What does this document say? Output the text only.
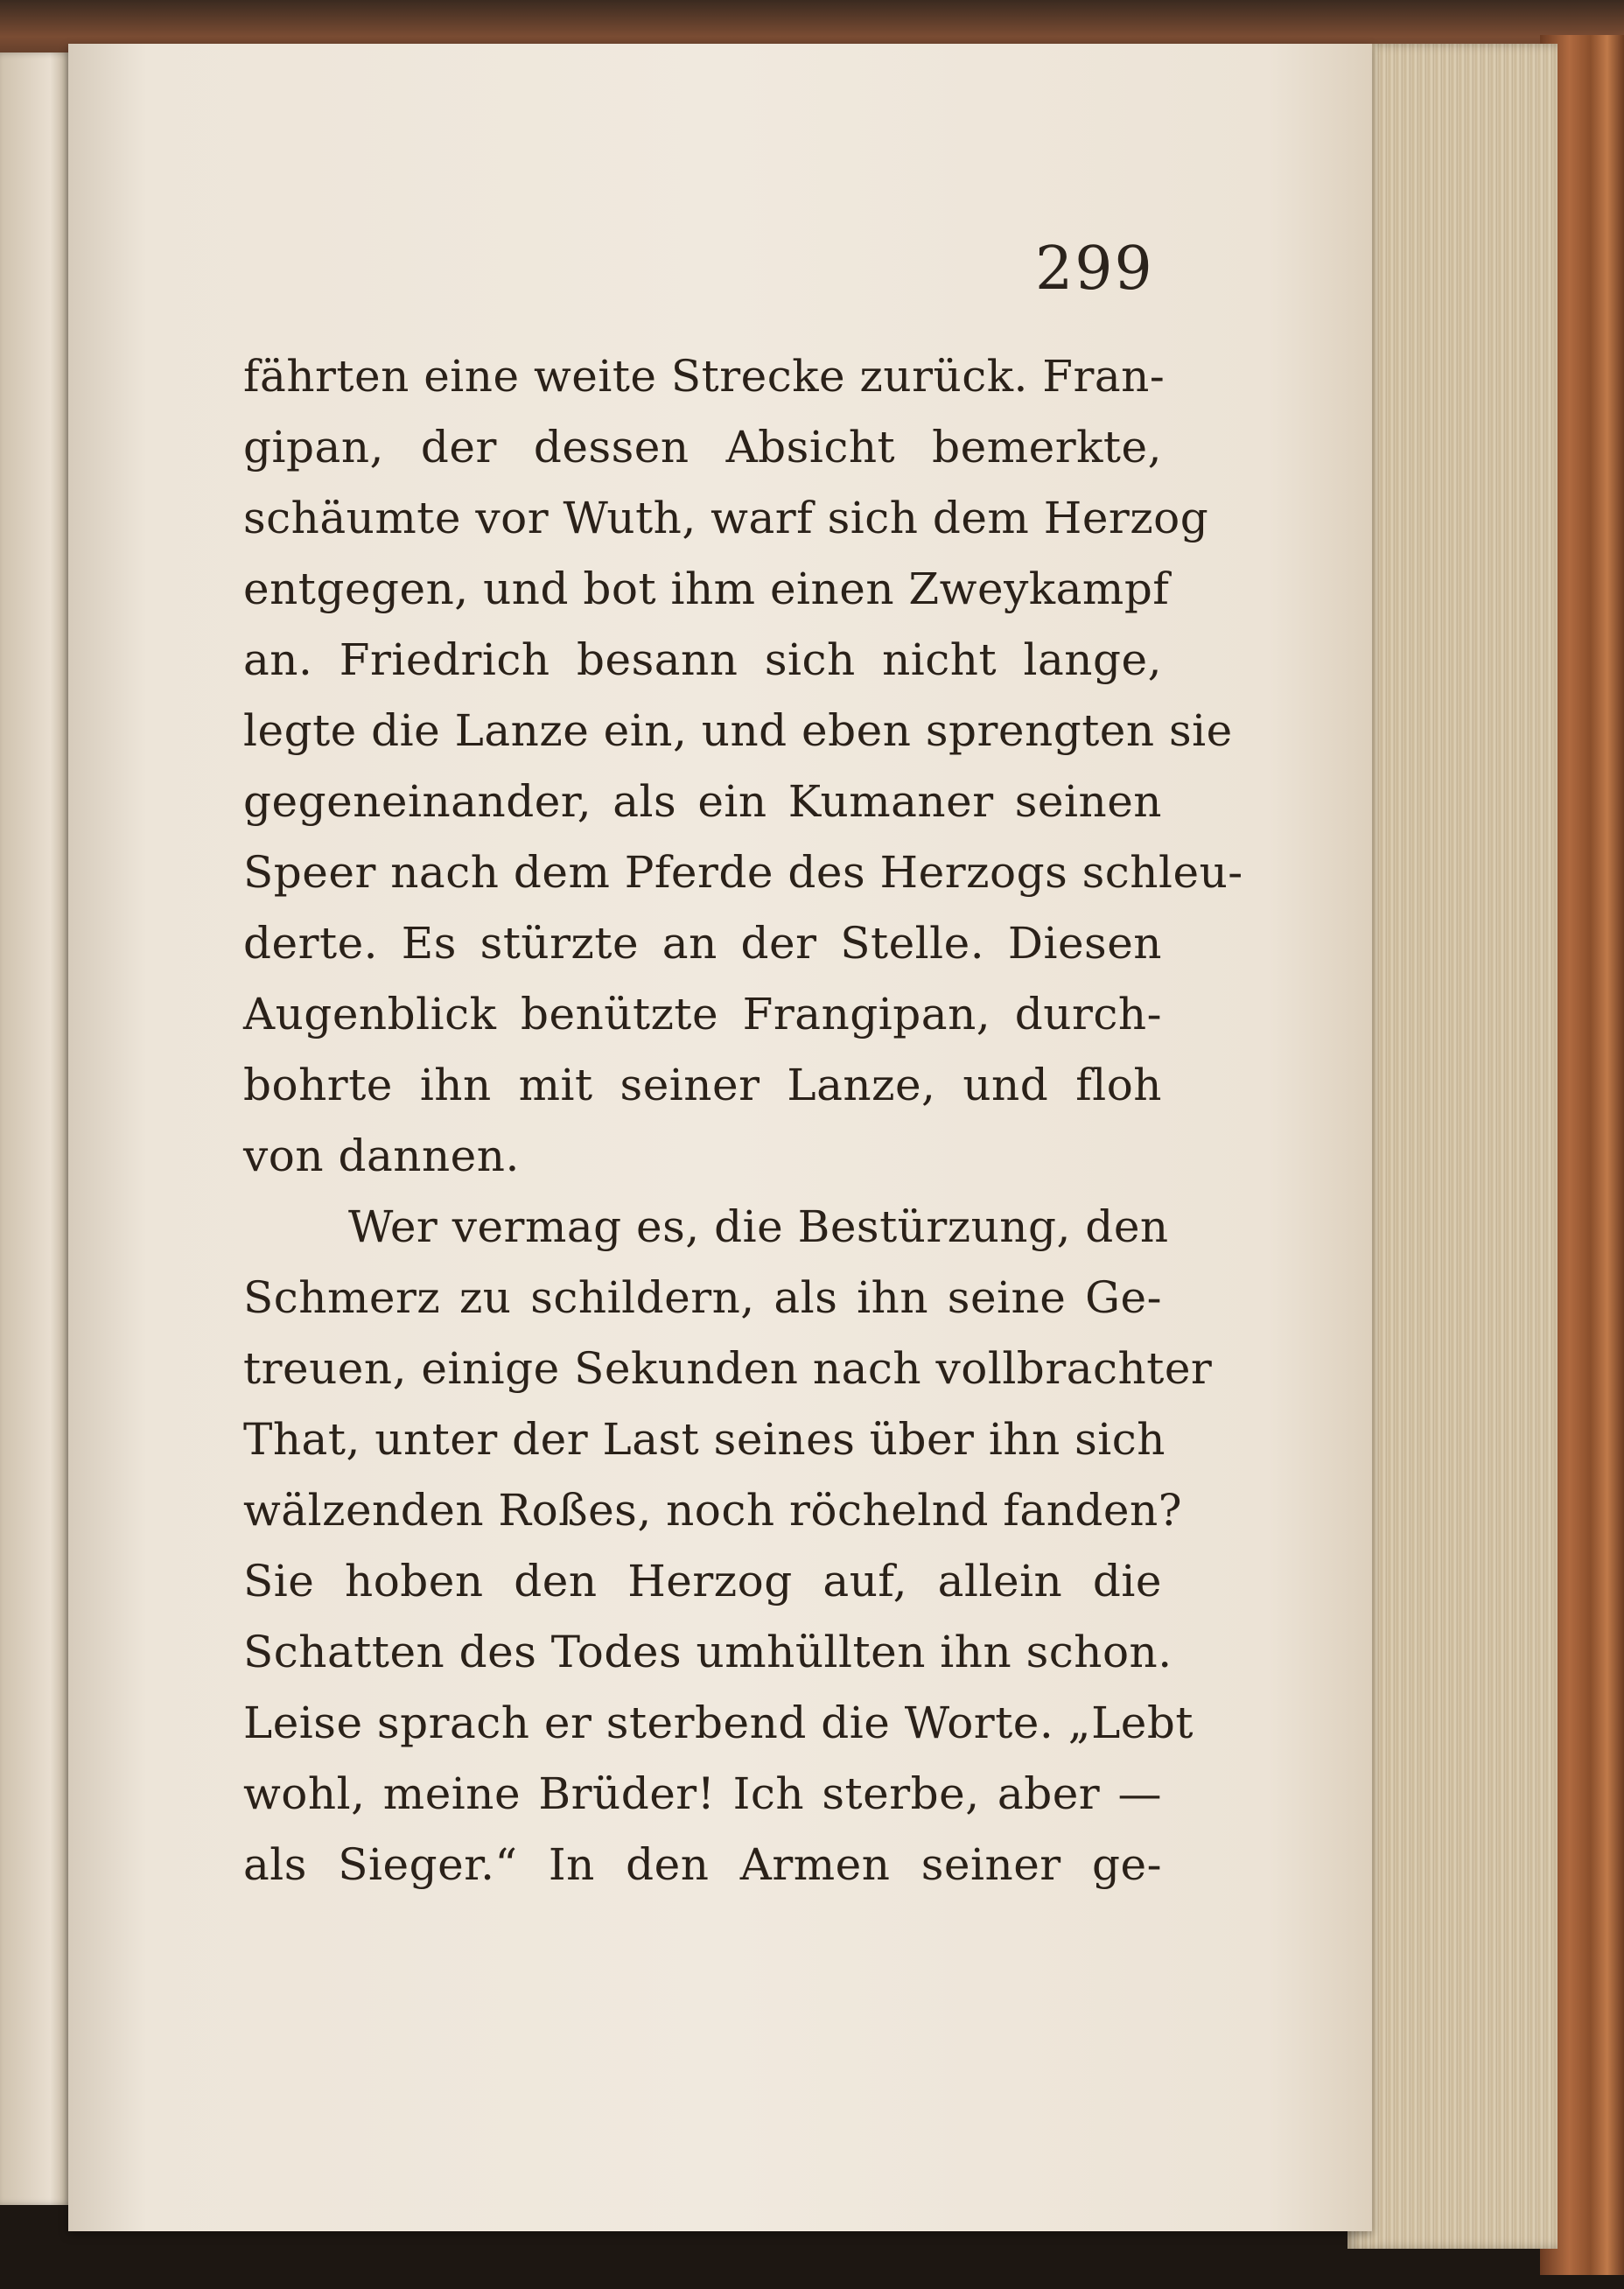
299
fährten eine weite Strecke zurück. Fran-
gipan, der dessen Absicht bemerkte,
schäumte vor Wuth, warf sich dem Herzog
entgegen, und bot ihm einen Zweykampf
an. Friedrich besann sich nicht lange,
legte die Lanze ein, und eben sprengten sie
gegeneinander, als ein Kumaner seinen
Speer nach dem Pferde des Herzogs schleu-
derte. Es stürzte an der Stelle. Diesen
Augenblick benützte Frangipan, durch-
bohrte ihn mit seiner Lanze, und floh
von dannen.
Wer vermag es, die Bestürzung, den
Schmerz zu schildern, als ihn seine Ge-
treuen, einige Sekunden nach vollbrachter
That, unter der Last seines über ihn sich
wälzenden Roßes, noch röchelnd fanden?
Sie hoben den Herzog auf, allein die
Schatten des Todes umhüllten ihn schon.
Leise sprach er sterbend die Worte. „Lebt
wohl, meine Brüder! Ich sterbe, aber —
als Sieger.“ In den Armen seiner ge-
